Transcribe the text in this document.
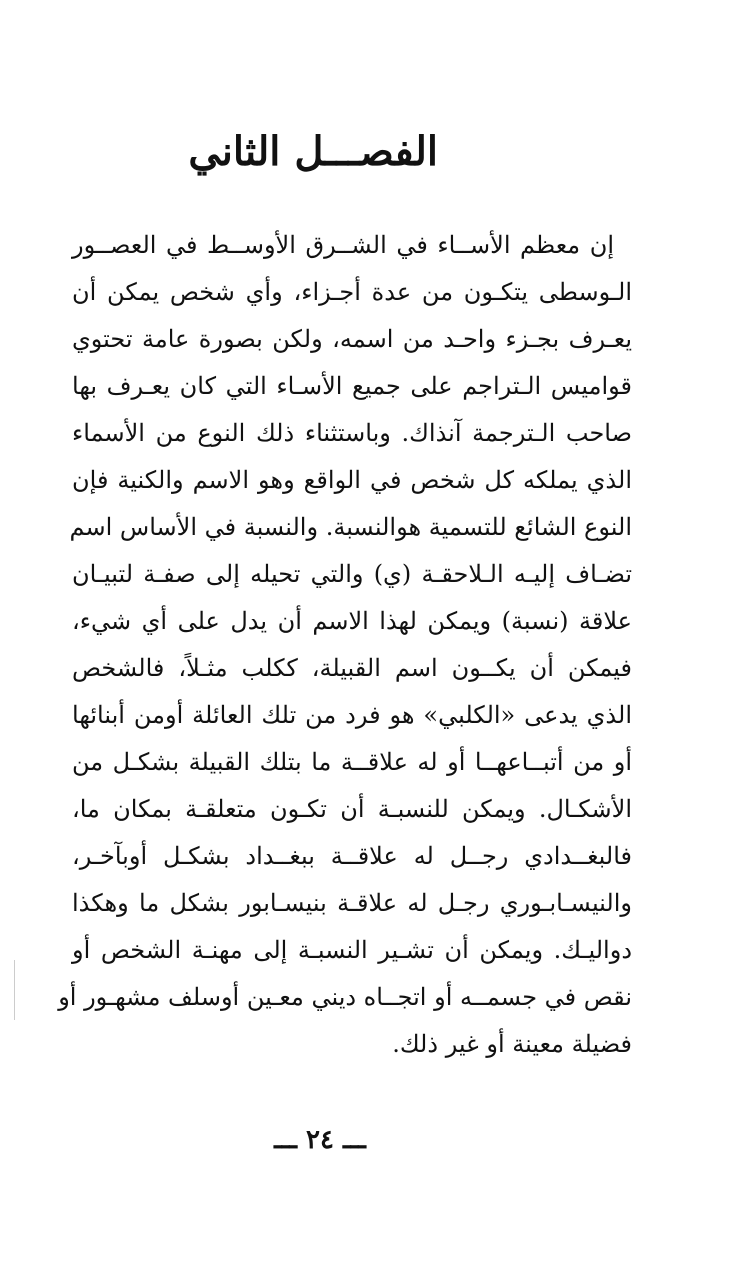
الفصـــل الثاني
إن معظم الأســاء في الشــرق الأوســط في العصــور
الـوسطى يتكـون من عدة أجـزاء، وأي شخص يمكن أن
يعـرف بجـزء واحـد من اسمه، ولكن بصورة عامة تحتوي
قواميس الـتراجم على جميع الأسـاء التي كان يعـرف بها
صاحب الـترجمة آنذاك. وباستثناء ذلك النوع من الأسماء
الذي يملكه كل شخص في الواقع وهو الاسم والكنية فإن
النوع الشائع للتسمية هوالنسبة. والنسبة في الأساس اسم
تضـاف إليـه الـلاحقـة (ي) والتي تحيله إلى صفـة لتبيـان
علاقة (نسبة) ويمكن لهذا الاسم أن يدل على أي شيء،
فيمكن أن يكــون اسم القبيلة، ككلب مثـلاً، فالشخص
الذي يدعى «الكلبي» هو فرد من تلك العائلة أومن أبنائها
أو من أتبــاعهــا أو له علاقــة ما بتلك القبيلة بشكـل من
الأشكـال. ويمكن للنسبـة أن تكـون متعلقـة بمكان ما،
فالبغــدادي رجــل له علاقــة ببغــداد بشكـل أوبآخـر،
والنيسـابـوري رجـل له علاقـة بنيسـابور بشكل ما وهكذا
دواليـك. ويمكن أن تشـير النسبـة إلى مهنـة الشخص أو
نقص في جسمــه أو اتجــاه ديني معـين أوسلف مشهـور أو
فضيلة معينة أو غير ذلك.
ـــ ٢٤ ـــ
